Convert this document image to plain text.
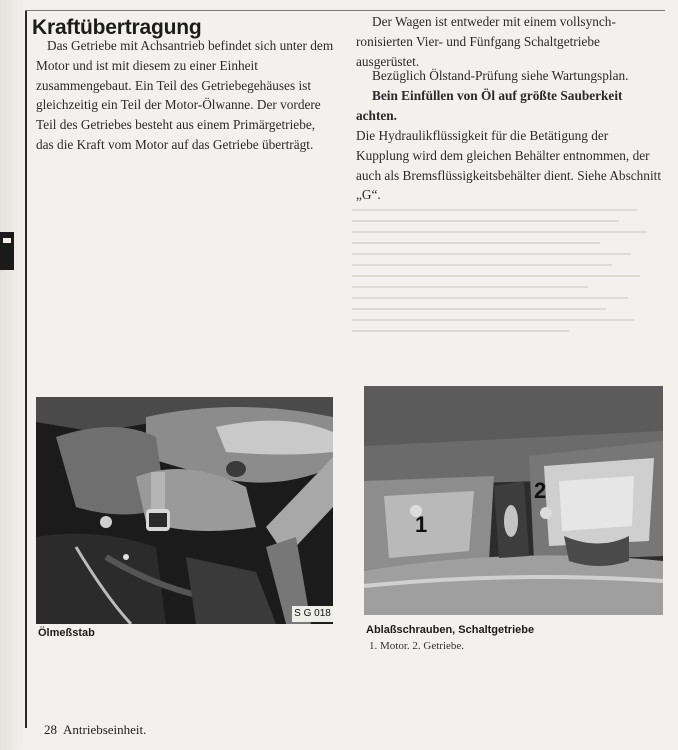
Kraftübertragung

Das Getriebe mit Achsantrieb befindet sich unter dem Motor und ist mit diesem zu einer Einheit zusammengebaut. Ein Teil des Getriebegehäuses ist gleichzeitig ein Teil der Motor-Ölwanne. Der vordere Teil des Getriebes besteht aus einem Primärgetriebe, das die Kraft vom Motor auf das Getriebe überträgt.

Der Wagen ist entweder mit einem vollsynchronisierten Vier- und Fünfgang Schaltgetriebe ausgerüstet.

Bezüglich Ölstand-Prüfung siehe Wartungsplan.

Bein Einfüllen von Öl auf größte Sauberkeit achten.

Die Hydraulikflüssigkeit für die Betätigung der Kupplung wird dem gleichen Behälter entnommen, der auch als Bremsflüssigkeitsbehälter dient. Siehe Abschnitt „G“.

S G 018
1
2
Ölmeßstab	Ablaßschrauben, Schaltgetriebe
1. Motor. 2. Getriebe.
28 Antriebseinheit.
